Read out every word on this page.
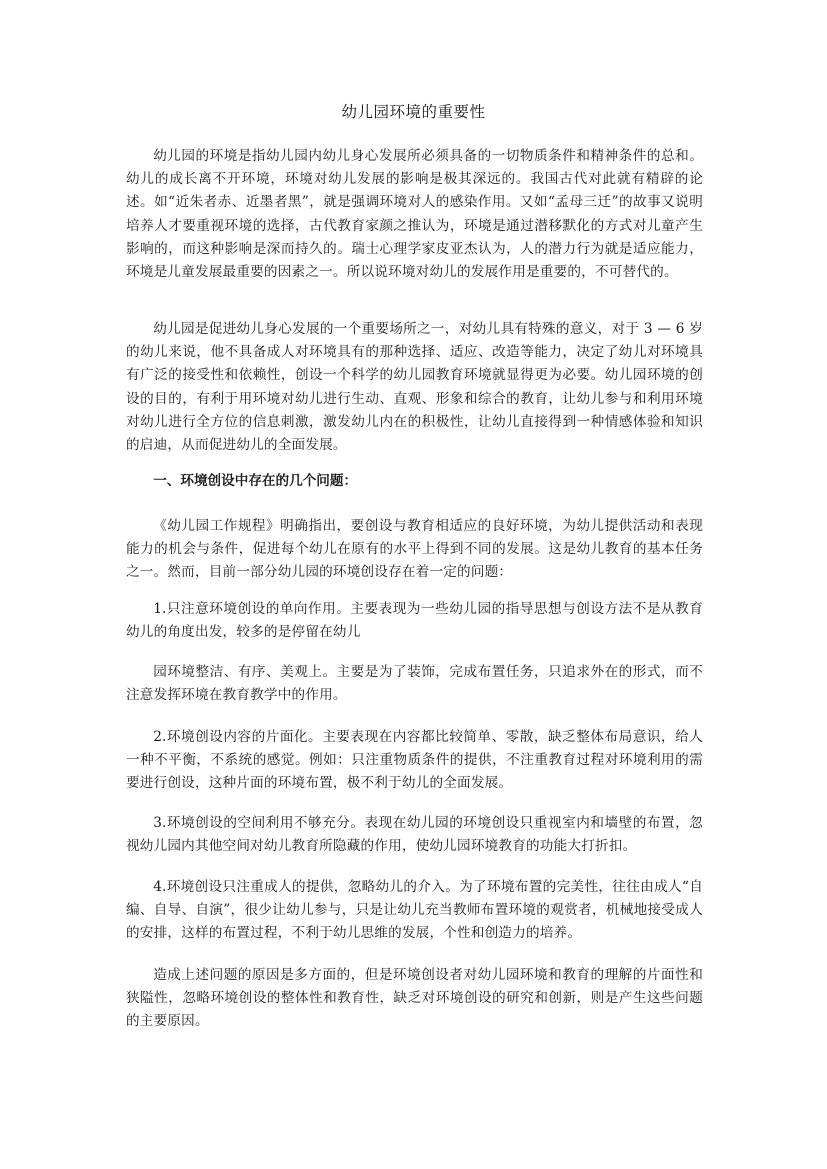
幼儿园环境的重要性

幼儿园的环境是指幼儿园内幼儿身心发展所必须具备的一切物质条件和精神条件的总和。幼儿的成长离不开环境，环境对幼儿发展的影响是极其深远的。我国古代对此就有精辟的论述。如“近朱者赤、近墨者黑”，就是强调环境对人的感染作用。又如“孟母三迁”的故事又说明培养人才要重视环境的选择，古代教育家颜之推认为，环境是通过潜移默化的方式对儿童产生影响的，而这种影响是深而持久的。瑞士心理学家皮亚杰认为，人的潜力行为就是适应能力，环境是儿童发展最重要的因素之一。所以说环境对幼儿的发展作用是重要的，不可替代的。

幼儿园是促进幼儿身心发展的一个重要场所之一，对幼儿具有特殊的意义，对于 3 — 6 岁的幼儿来说，他不具备成人对环境具有的那种选择、适应、改造等能力，决定了幼儿对环境具有广泛的接受性和依赖性，创设一个科学的幼儿园教育环境就显得更为必要。幼儿园环境的创设的目的，有利于用环境对幼儿进行生动、直观、形象和综合的教育，让幼儿参与和利用环境对幼儿进行全方位的信息刺激，激发幼儿内在的积极性，让幼儿直接得到一种情感体验和知识的启迪，从而促进幼儿的全面发展。

一、环境创设中存在的几个问题：

《幼儿园工作规程》明确指出，要创设与教育相适应的良好环境，为幼儿提供活动和表现能力的机会与条件，促进每个幼儿在原有的水平上得到不同的发展。这是幼儿教育的基本任务之一。然而，目前一部分幼儿园的环境创设存在着一定的问题：

1.只注意环境创设的单向作用。主要表现为一些幼儿园的指导思想与创设方法不是从教育幼儿的角度出发，较多的是停留在幼儿

园环境整洁、有序、美观上。主要是为了装饰，完成布置任务，只追求外在的形式，而不注意发挥环境在教育教学中的作用。

2.环境创设内容的片面化。主要表现在内容都比较简单、零散，缺乏整体布局意识，给人一种不平衡，不系统的感觉。例如：只注重物质条件的提供，不注重教育过程对环境利用的需要进行创设，这种片面的环境布置，极不利于幼儿的全面发展。

3.环境创设的空间利用不够充分。表现在幼儿园的环境创设只重视室内和墙壁的布置，忽视幼儿园内其他空间对幼儿教育所隐藏的作用，使幼儿园环境教育的功能大打折扣。

4.环境创设只注重成人的提供，忽略幼儿的介入。为了环境布置的完美性，往往由成人“自编、自导、自演”，很少让幼儿参与，只是让幼儿充当教师布置环境的观赏者，机械地接受成人的安排，这样的布置过程，不利于幼儿思维的发展，个性和创造力的培养。

造成上述问题的原因是多方面的，但是环境创设者对幼儿园环境和教育的理解的片面性和狭隘性，忽略环境创设的整体性和教育性，缺乏对环境创设的研究和创新，则是产生这些问题的主要原因。
